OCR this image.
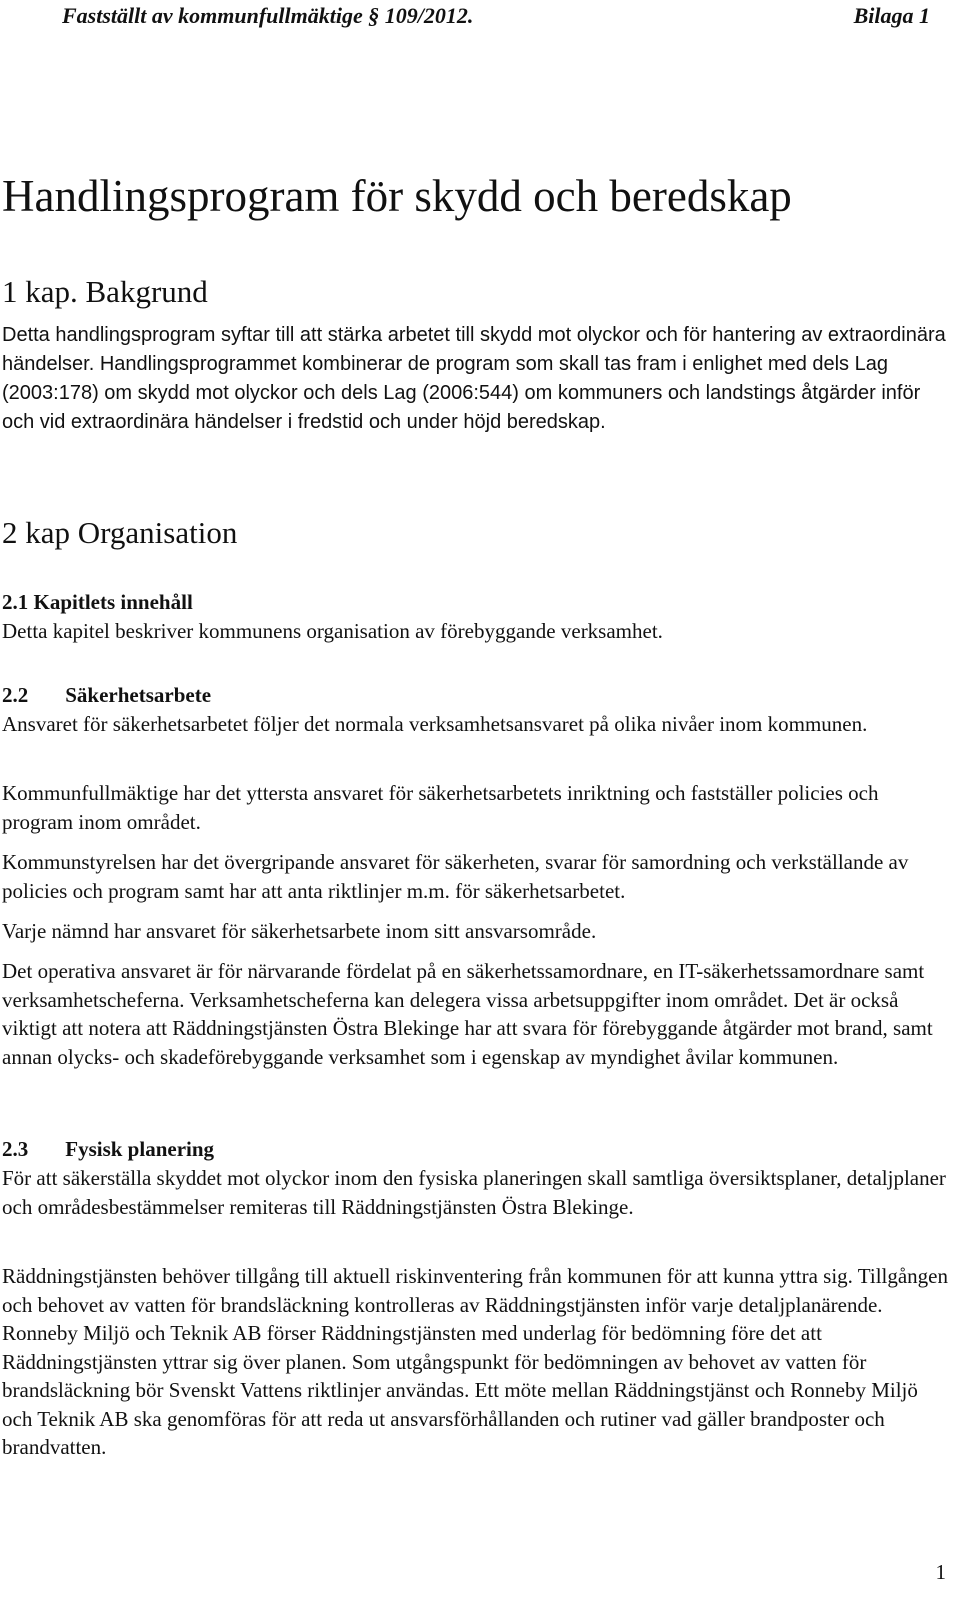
Fastställt av kommunfullmäktige § 109/2012.	Bilaga 1
Handlingsprogram för skydd och beredskap
1 kap. Bakgrund

Detta handlingsprogram syftar till att stärka arbetet till skydd mot olyckor och för hantering av extraordinära händelser. Handlingsprogrammet kombinerar de program som skall tas fram i enlighet med dels Lag (2003:178) om skydd mot olyckor och dels Lag (2006:544) om kommuners och landstings åtgärder inför och vid extraordinära händelser i fredstid och under höjd beredskap.

2 kap Organisation
2.1 Kapitlets innehåll

Detta kapitel beskriver kommunens organisation av förebyggande verksamhet.

2.2 Säkerhetsarbete

Ansvaret för säkerhetsarbetet följer det normala verksamhetsansvaret på olika nivåer inom kommunen.

Kommunfullmäktige har det yttersta ansvaret för säkerhetsarbetets inriktning och fastställer policies och program inom området.

Kommunstyrelsen har det övergripande ansvaret för säkerheten, svarar för samordning och verkställande av policies och program samt har att anta riktlinjer m.m. för säkerhetsarbetet.

Varje nämnd har ansvaret för säkerhetsarbete inom sitt ansvarsområde.

Det operativa ansvaret är för närvarande fördelat på en säkerhetssamordnare, en IT-säkerhetssamordnare samt verksamhetscheferna. Verksamhetscheferna kan delegera vissa arbetsuppgifter inom området. Det är också viktigt att notera att Räddningstjänsten Östra Blekinge har att svara för förebyggande åtgärder mot brand, samt annan olycks- och skadeförebyggande verksamhet som i egenskap av myndighet åvilar kommunen.

2.3 Fysisk planering

För att säkerställa skyddet mot olyckor inom den fysiska planeringen skall samtliga översiktsplaner, detaljplaner och områdesbestämmelser remiteras till Räddningstjänsten Östra Blekinge.

Räddningstjänsten behöver tillgång till aktuell riskinventering från kommunen för att kunna yttra sig. Tillgången och behovet av vatten för brandsläckning kontrolleras av Räddningstjänsten inför varje detaljplanärende. Ronneby Miljö och Teknik AB förser Räddningstjänsten med underlag för bedömning före det att Räddningstjänsten yttrar sig över planen. Som utgångspunkt för bedömningen av behovet av vatten för brandsläckning bör Svenskt Vattens riktlinjer användas. Ett möte mellan Räddningstjänst och Ronneby Miljö och Teknik AB ska genomföras för att reda ut ansvarsförhållanden och rutiner vad gäller brandposter och brandvatten.

1
